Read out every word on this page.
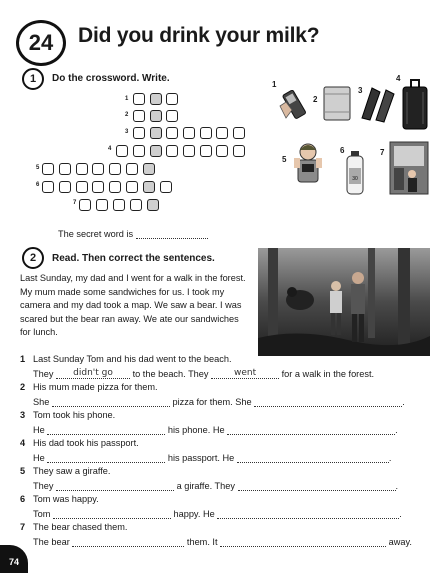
24	Did you drink your milk?
1	Do the crossword. Write.
1
2
3
4
5
6
7
1
2
3
4
5
6
30
7
The secret word is
2	Read. Then correct the sentences.
Last Sunday, my dad and I went for a walk in the forest. My mum made some sandwiches for us. I took my camera and my dad took a map. We saw a bear. I was scared but the bear ran away. We ate our sandwiches for lunch.
1 Last Sunday Tom and his dad went to the beach.
They didn't go to the beach. They	went	for a walk in the forest.
2 His mum made pizza for them.
She	pizza for them. She	.
3 Tom took his phone.
He	his phone. He	.
4 His dad took his passport.
He	his passport. He	.
5 They saw a giraffe.
They	a giraffe. They	.
6 Tom was happy.
Tom	happy. He	.
7 The bear chased them.
The bear	them. It	away.
74
